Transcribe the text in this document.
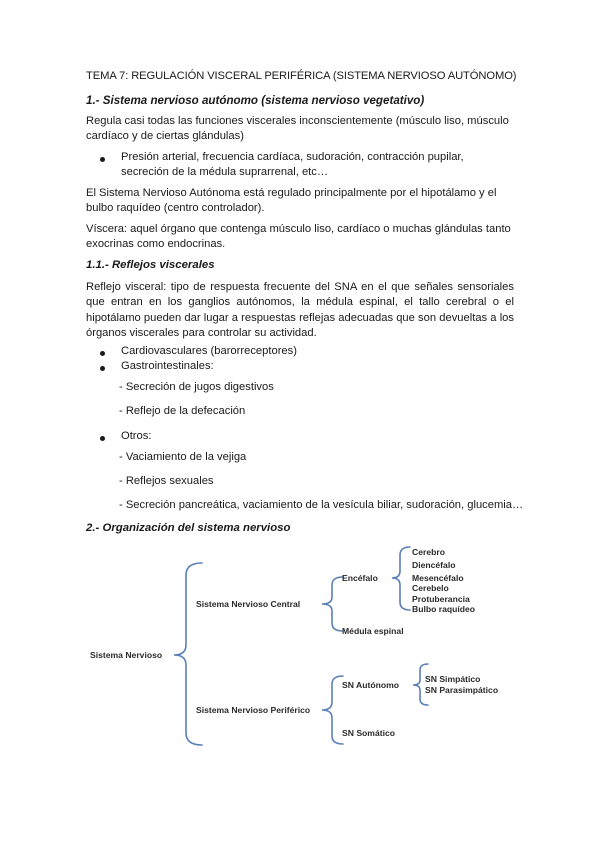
TEMA 7: REGULACIÓN VISCERAL PERIFÉRICA (SISTEMA NERVIOSO AUTÓNOMO)
1.- Sistema nervioso autónomo (sistema nervioso vegetativo)
Regula casi todas las funciones viscerales inconscientemente (músculo liso, músculo cardíaco y de ciertas glándulas)
Presión arterial, frecuencia cardíaca, sudoración, contracción pupilar, secreción de la médula suprarrenal, etc…
El Sistema Nervioso Autónoma está regulado principalmente por el hipotálamo y el bulbo raquídeo (centro controlador).
Víscera: aquel órgano que contenga músculo liso, cardíaco o muchas glándulas tanto exocrinas como endocrinas.
1.1.- Reflejos viscerales
Reflejo visceral: tipo de respuesta frecuente del SNA en el que señales sensoriales que entran en los ganglios autónomos, la médula espinal, el tallo cerebral o el hipotálamo pueden dar lugar a respuestas reflejas adecuadas que son devueltas a los órganos viscerales para controlar su actividad.
Cardiovasculares (barorreceptores)
Gastrointestinales:
- Secreción de jugos digestivos
- Reflejo de la defecación
Otros:
- Vaciamiento de la vejiga
- Reflejos sexuales
- Secreción pancreática, vaciamiento de la vesícula biliar, sudoración, glucemia…
2.- Organización del sistema nervioso
Sistema Nervioso
Sistema Nervioso Central
Sistema Nervioso Periférico
Encéfalo
Médula espinal
SN Autónomo
SN Somático
Cerebro
Diencéfalo
Mesencéfalo
Cerebelo
Protuberancia
Bulbo raquídeo
SN Simpático
SN Parasimpático
